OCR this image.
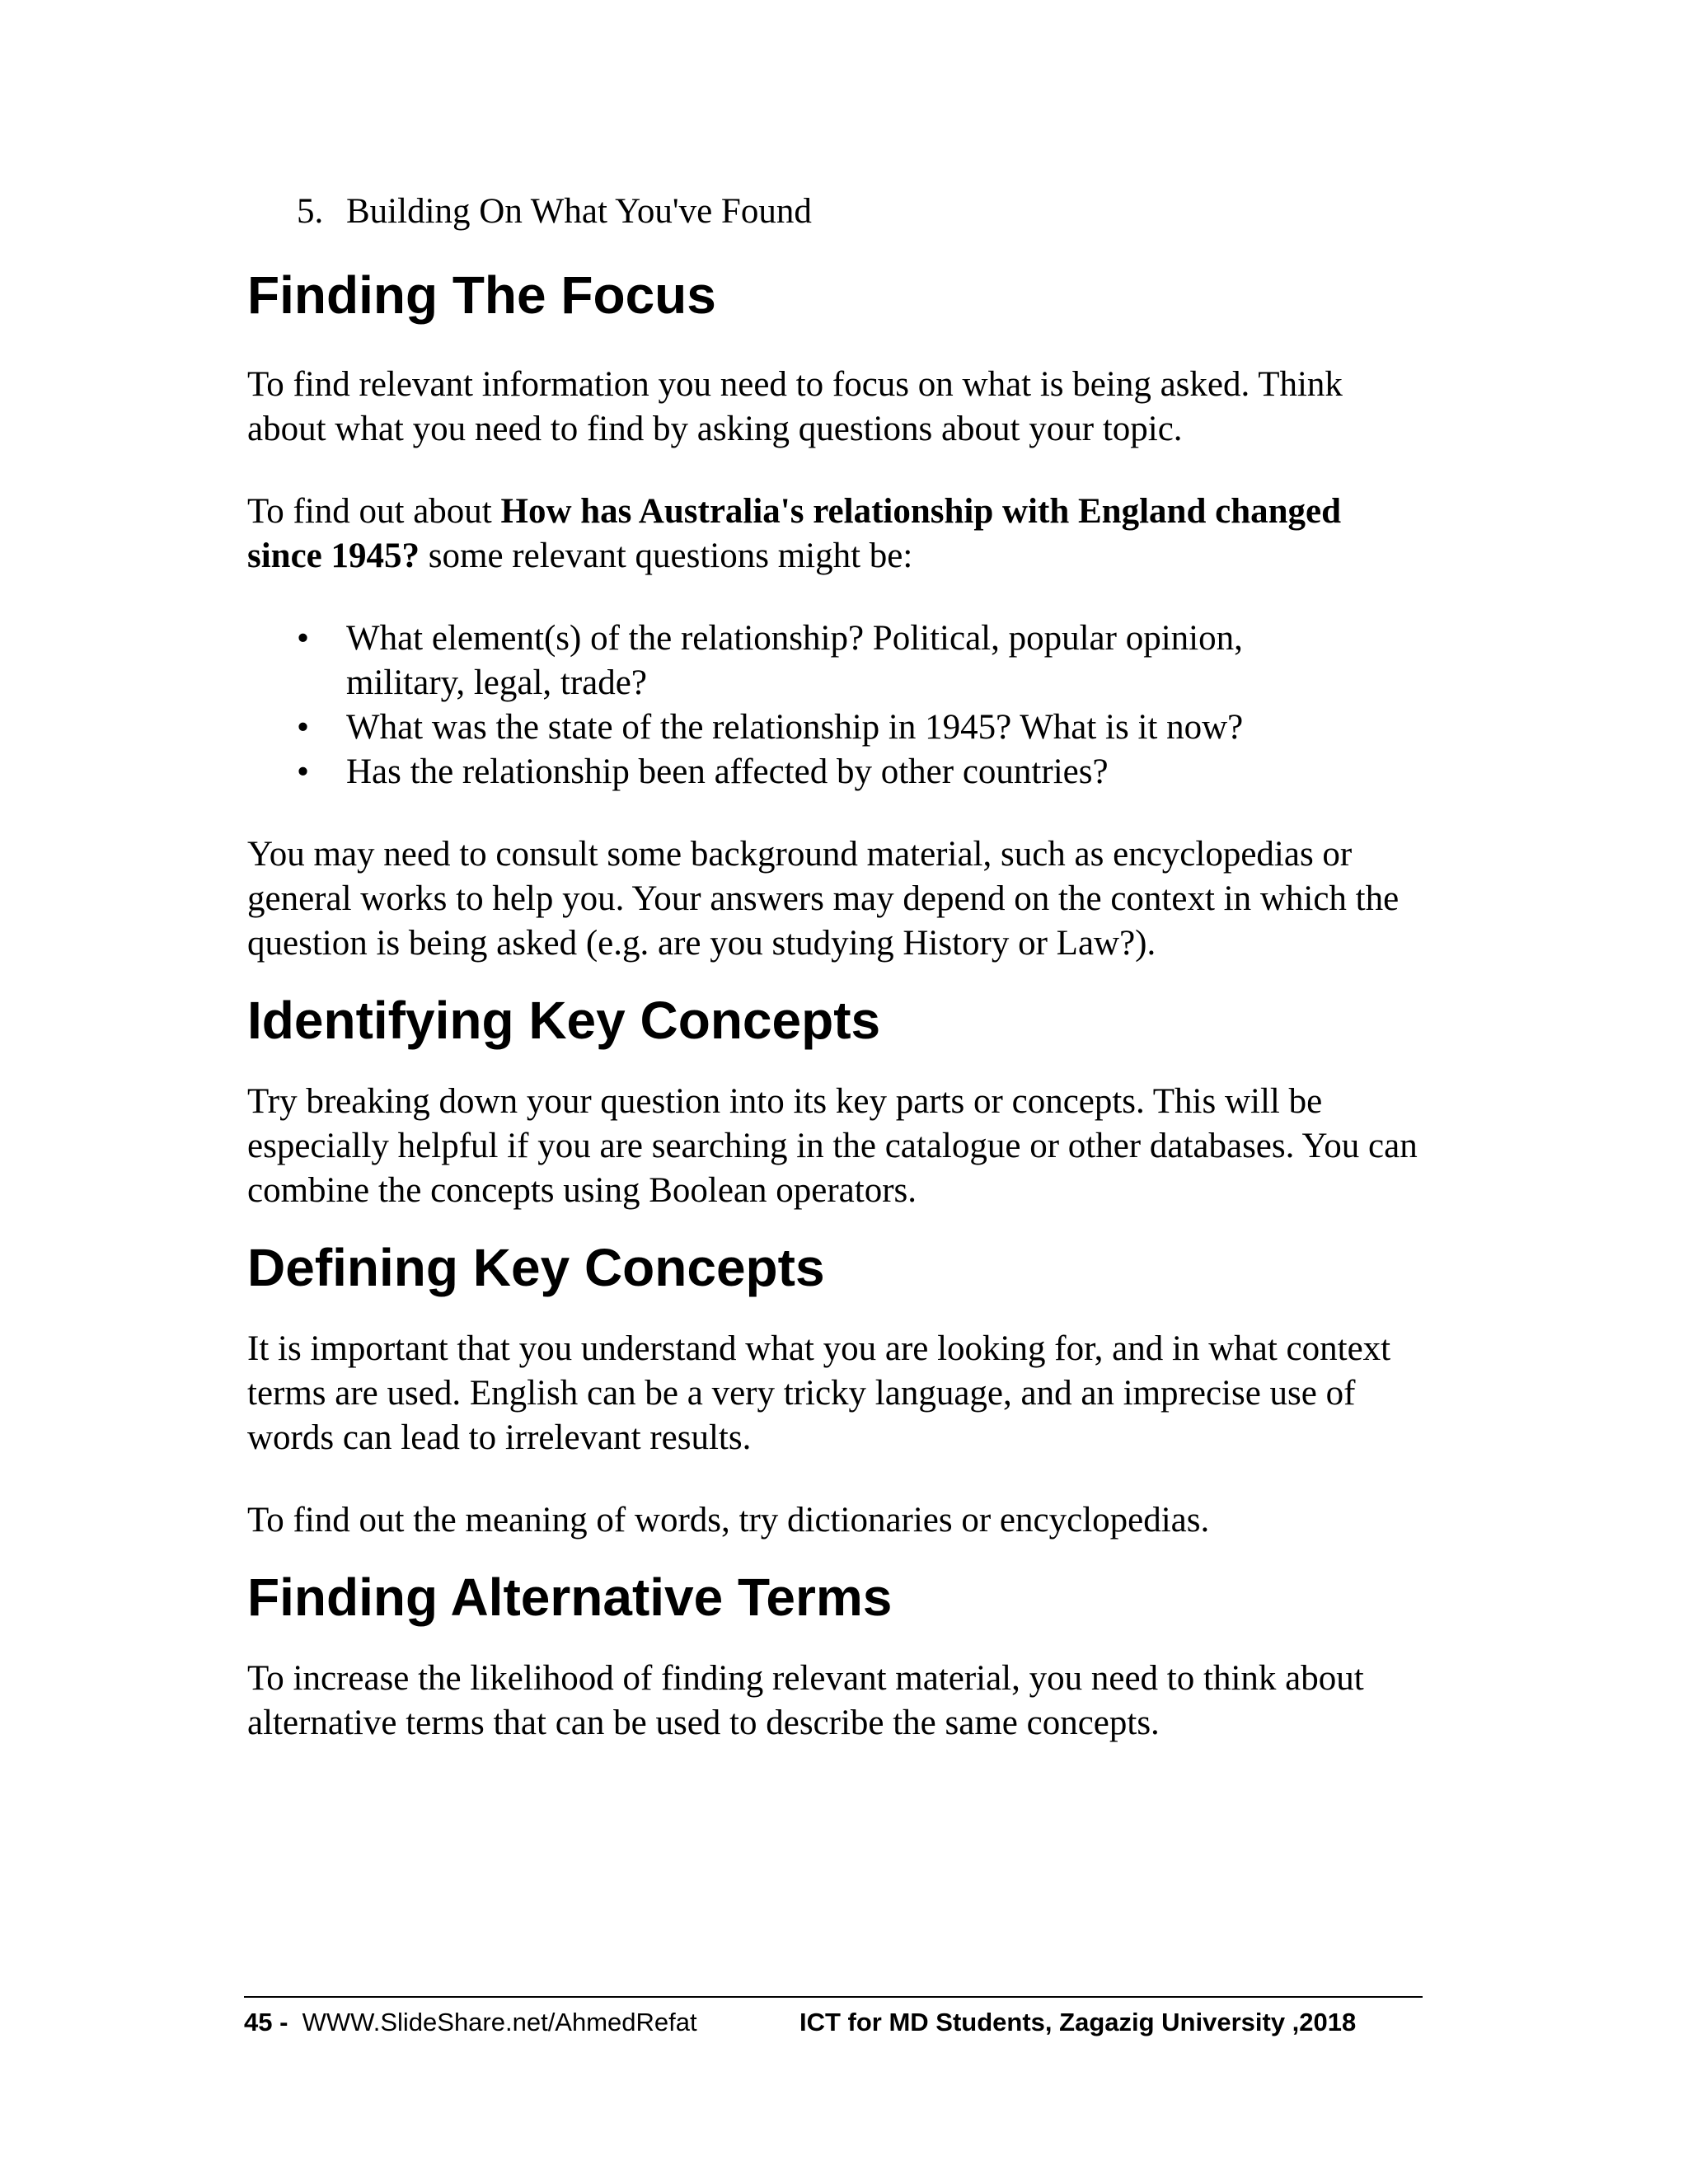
5. Building On What You've Found
Finding The Focus

To find relevant information you need to focus on what is being asked. Think about what you need to find by asking questions about your topic.

To find out about How has Australia's relationship with England changed since 1945? some relevant questions might be:

• What element(s) of the relationship? Political, popular opinion, military, legal, trade?
• What was the state of the relationship in 1945? What is it now?
• Has the relationship been affected by other countries?

You may need to consult some background material, such as encyclopedias or general works to help you. Your answers may depend on the context in which the question is being asked (e.g. are you studying History or Law?).

Identifying Key Concepts

Try breaking down your question into its key parts or concepts. This will be especially helpful if you are searching in the catalogue or other databases. You can combine the concepts using Boolean operators.

Defining Key Concepts

It is important that you understand what you are looking for, and in what context terms are used. English can be a very tricky language, and an imprecise use of words can lead to irrelevant results.

To find out the meaning of words, try dictionaries or encyclopedias.

Finding Alternative Terms

To increase the likelihood of finding relevant material, you need to think about alternative terms that can be used to describe the same concepts.

45 - WWW.SlideShare.net/AhmedRefat	ICT for MD Students, Zagazig University ,2018
